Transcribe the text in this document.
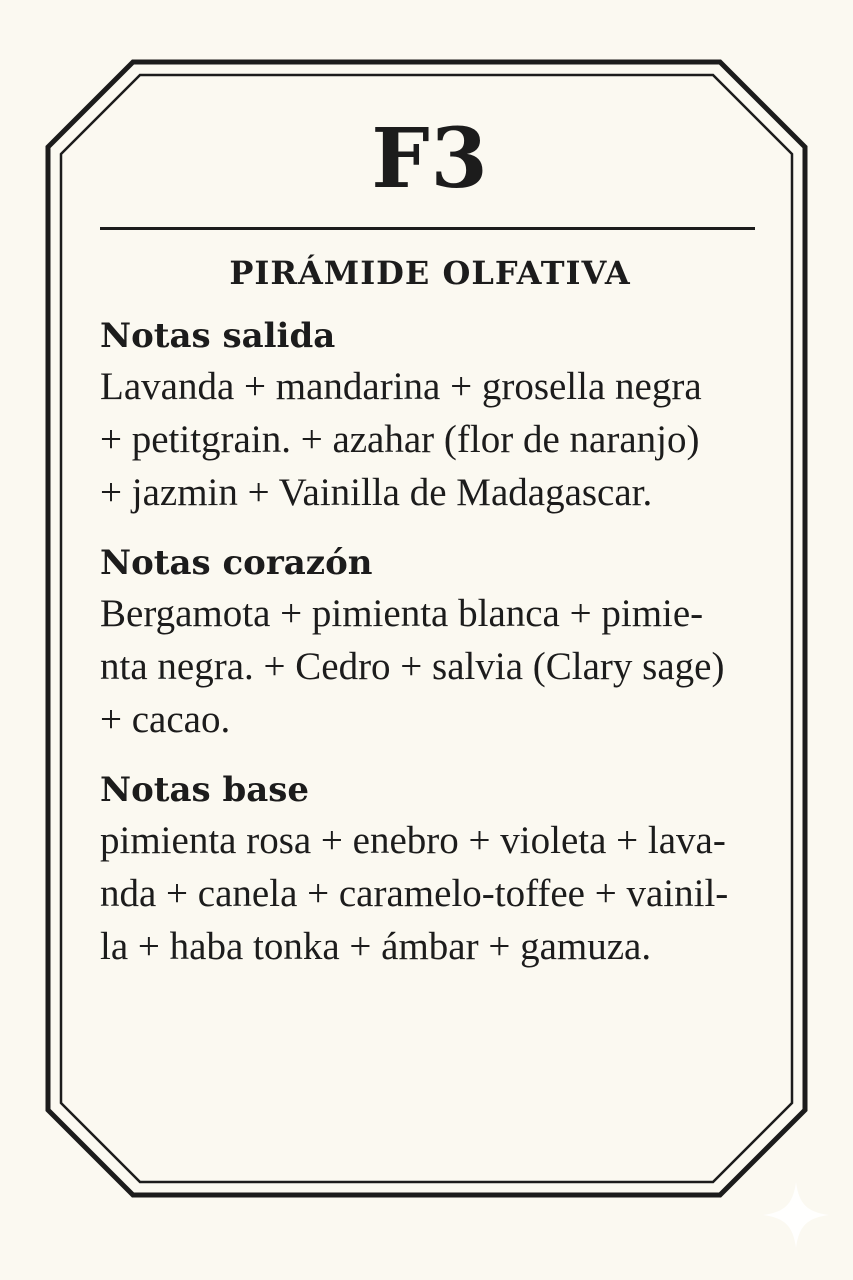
F3
PIRÁMIDE OLFATIVA
Notas salida
Lavanda + mandarina + grosella negra
+ petitgrain. + azahar (flor de naranjo)
+ jazmin + Vainilla de Madagascar.
Notas corazón
Bergamota + pimienta blanca + pimie-
nta negra. + Cedro + salvia (Clary sage)
+ cacao.
Notas base
pimienta rosa + enebro + violeta + lava-
nda + canela + caramelo-toffee + vainil-
la + haba tonka + ámbar + gamuza.
